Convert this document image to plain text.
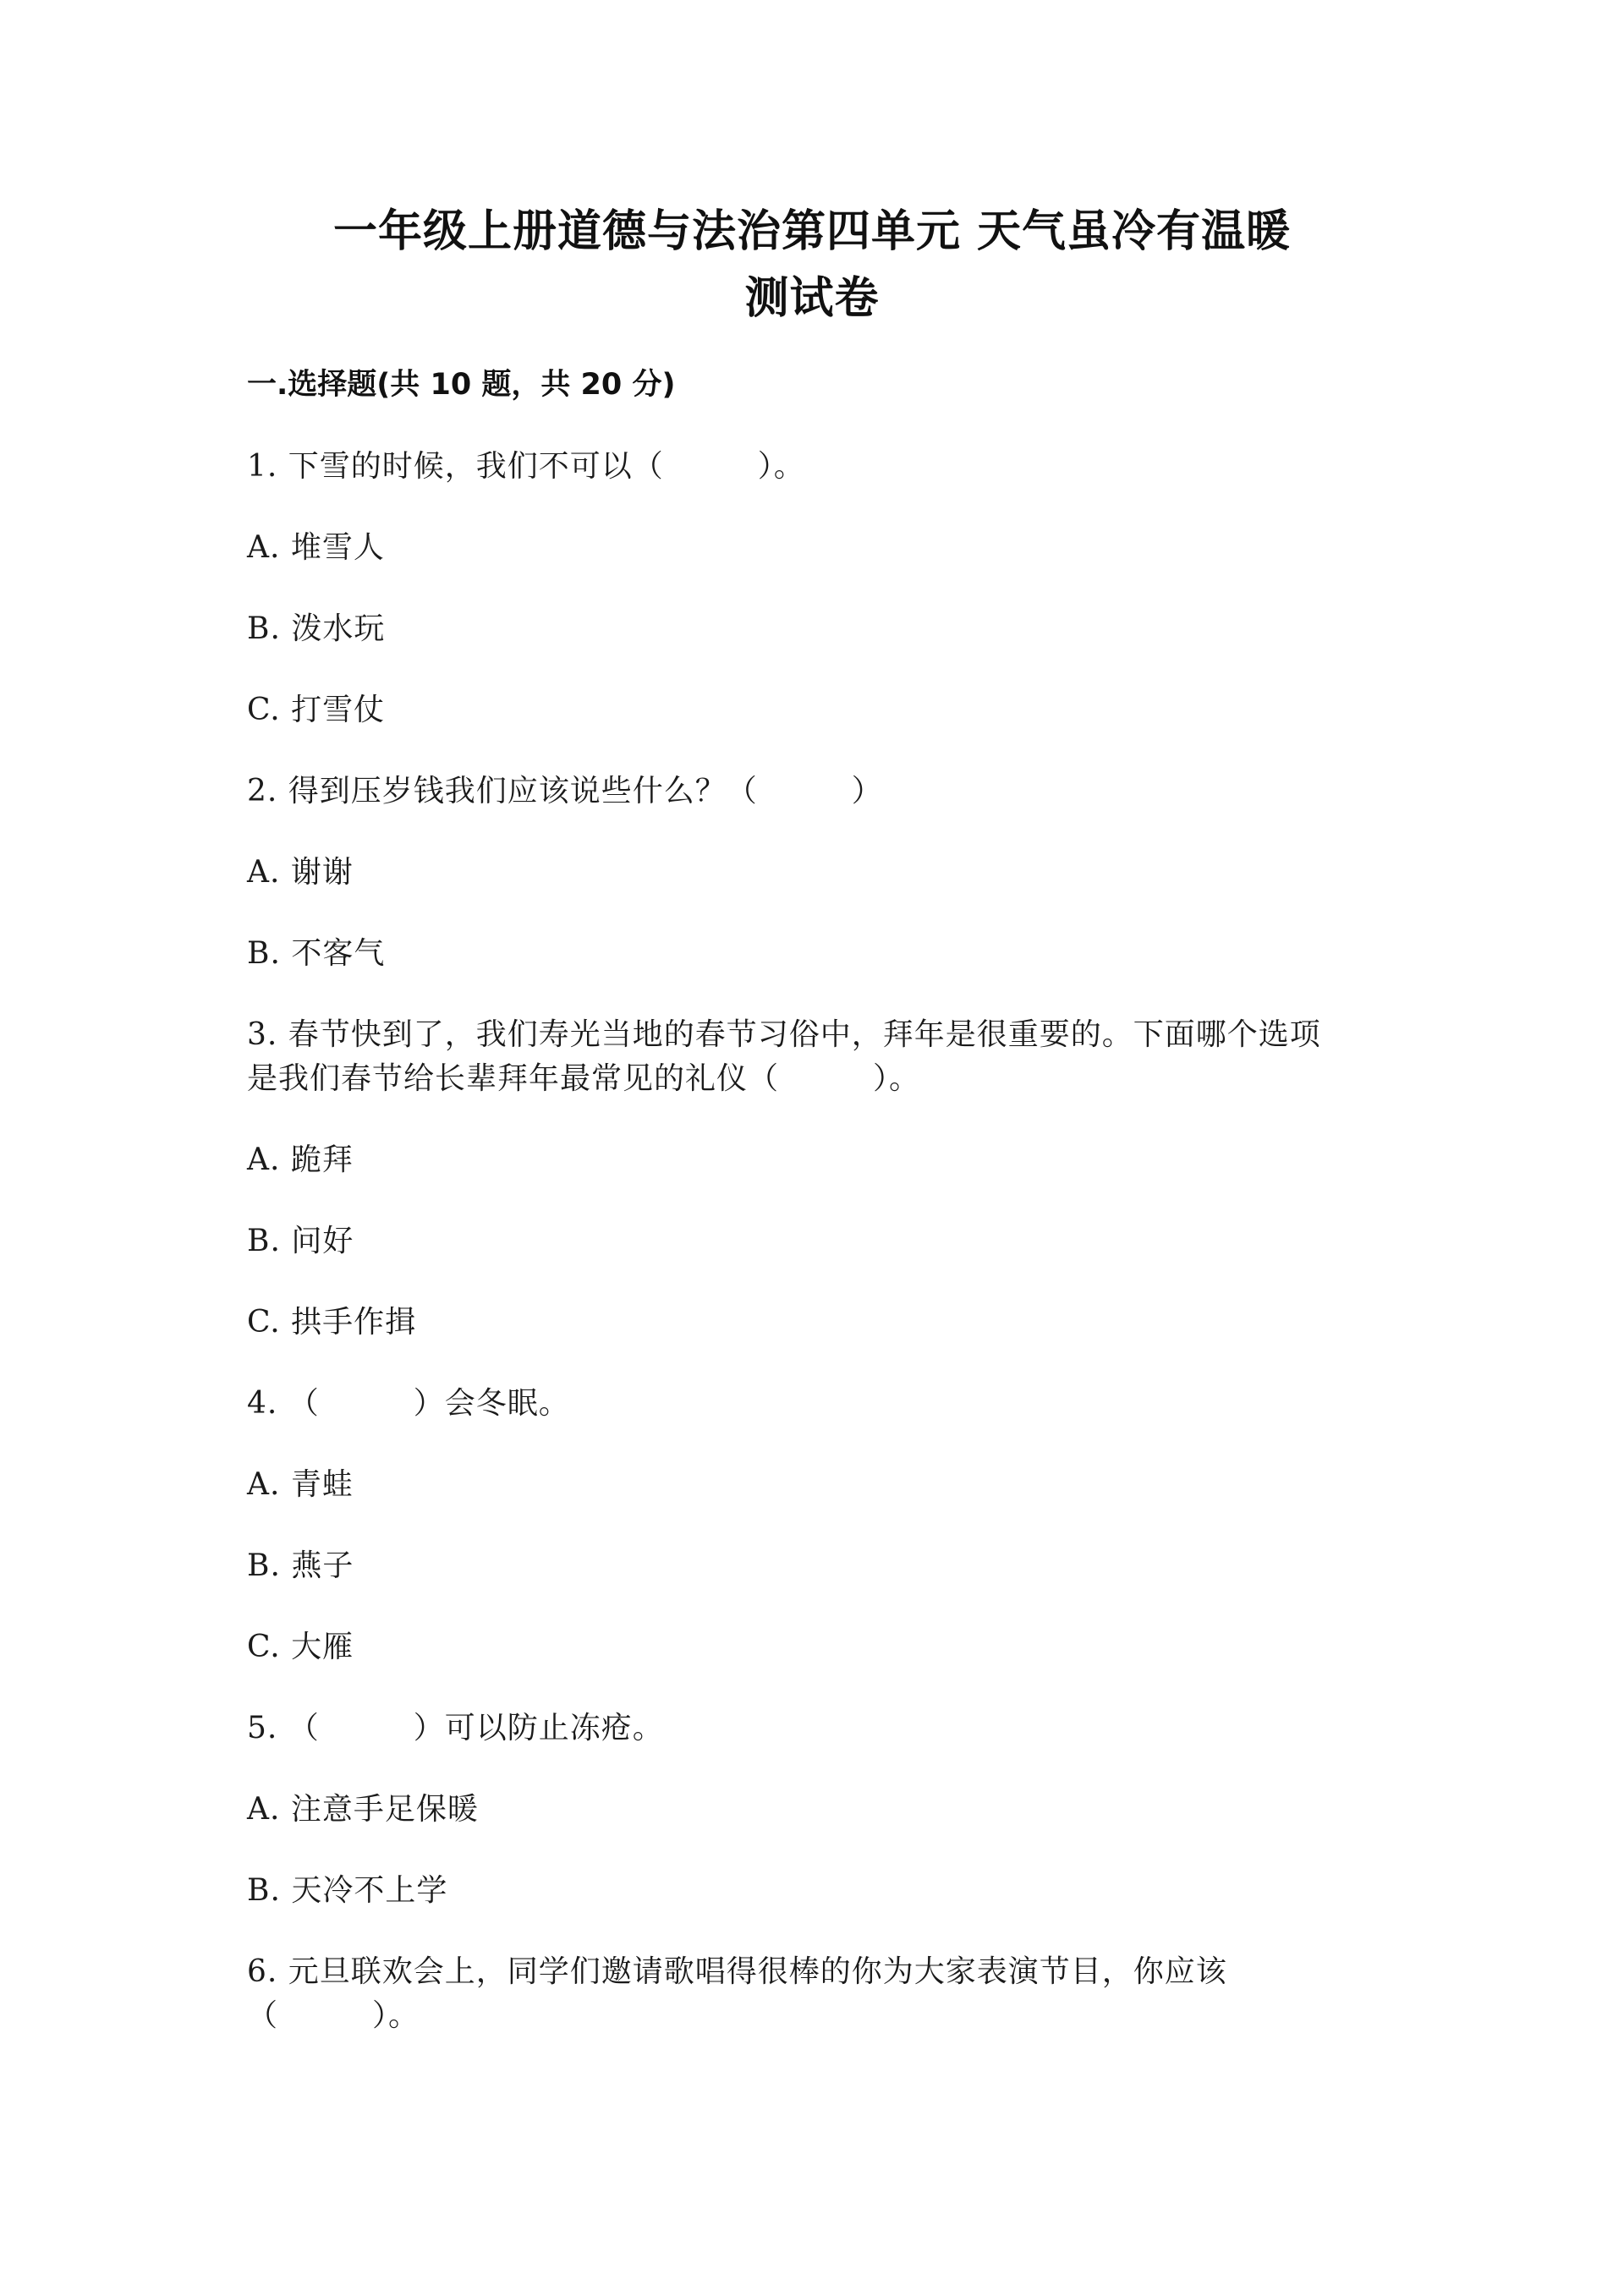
一年级上册道德与法治第四单元 天气虽冷有温暖
测试卷
一.选择题(共 10 题，共 20 分)
1. 下雪的时候，我们不可以（　　　）。
A. 堆雪人
B. 泼水玩
C. 打雪仗
2. 得到压岁钱我们应该说些什么？（　　　）
A. 谢谢
B. 不客气
3. 春节快到了，我们寿光当地的春节习俗中，拜年是很重要的。下面哪个选项
是我们春节给长辈拜年最常见的礼仪（　　　）。
A. 跪拜
B. 问好
C. 拱手作揖
4. （　　　）会冬眠。
A. 青蛙
B. 燕子
C. 大雁
5. （　　　）可以防止冻疮。
A. 注意手足保暖
B. 天冷不上学
6. 元旦联欢会上，同学们邀请歌唱得很棒的你为大家表演节目，你应该
（　　　）。
